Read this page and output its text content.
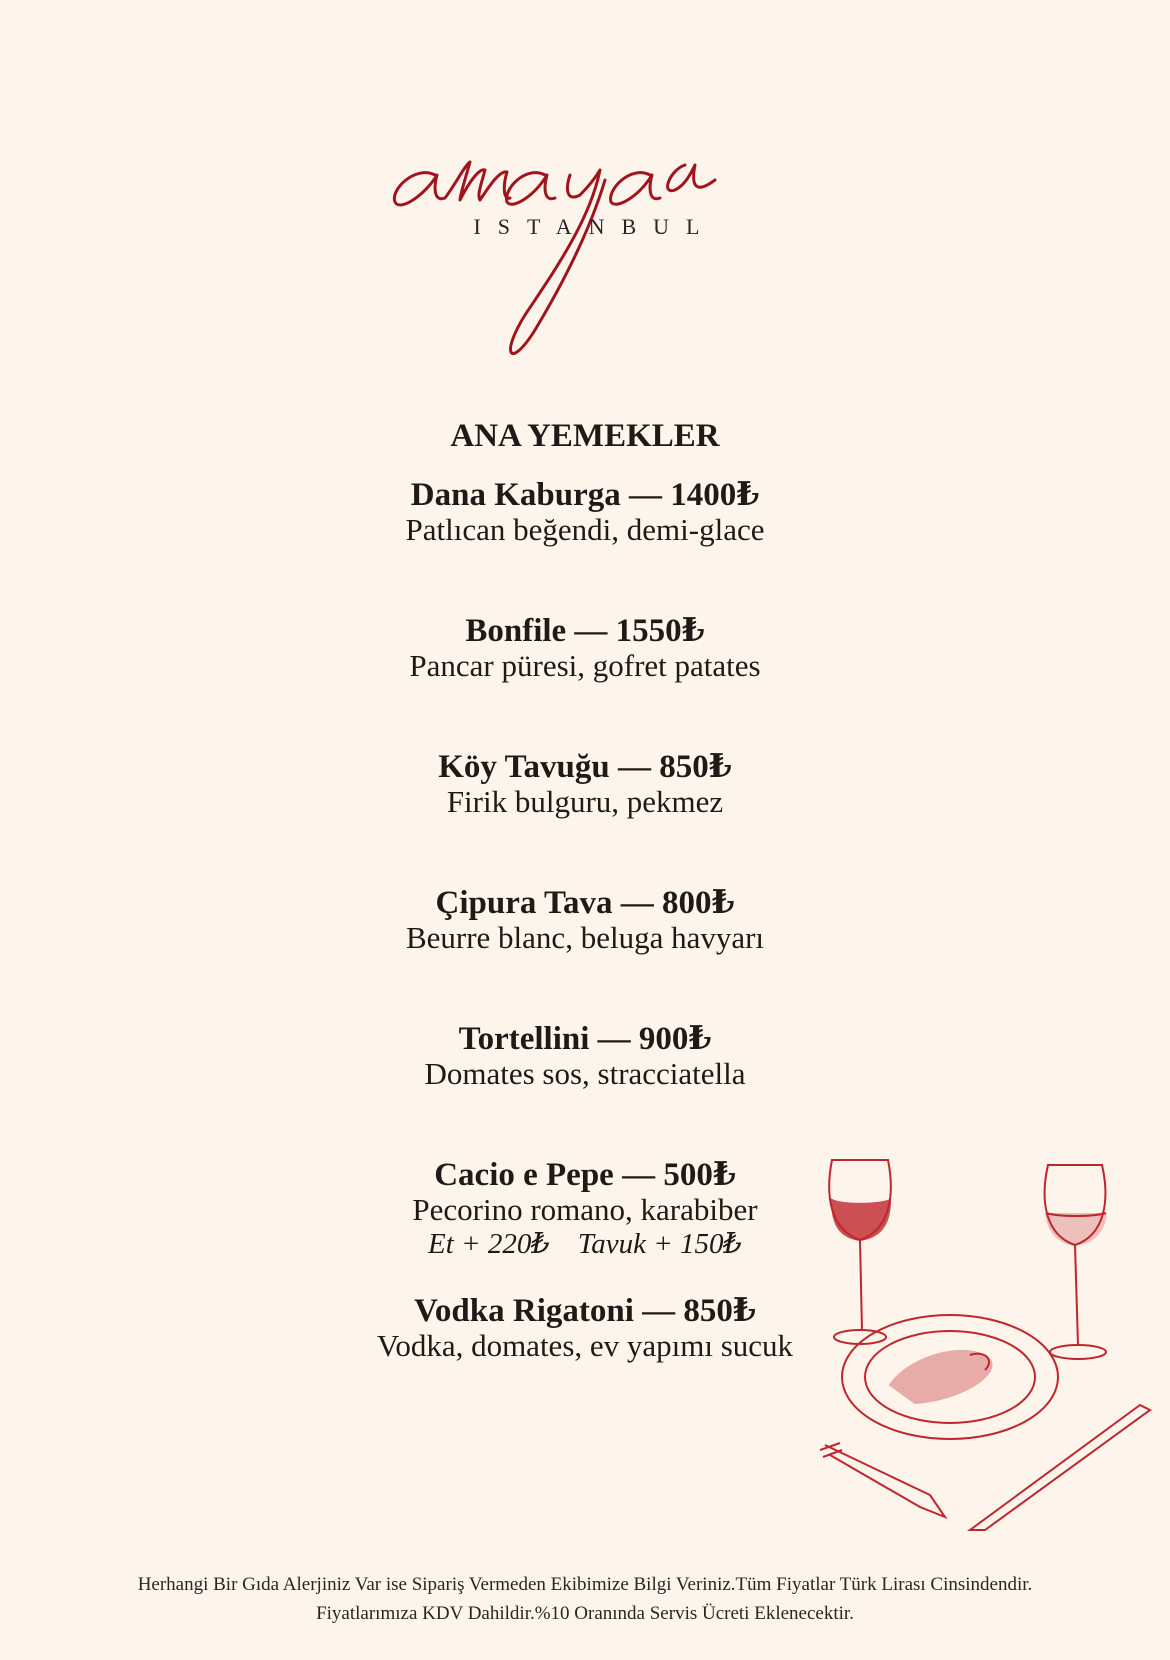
ISTANBUL
ANA YEMEKLER
Dana Kaburga — 1400₺
Patlıcan beğendi, demi-glace
Bonfile — 1550₺
Pancar püresi, gofret patates
Köy Tavuğu — 850₺
Firik bulguru, pekmez
Çipura Tava — 800₺
Beurre blanc, beluga havyarı
Tortellini — 900₺
Domates sos, stracciatella
Cacio e Pepe — 500₺
Pecorino romano, karabiber
Et + 220₺ Tavuk + 150₺
Vodka Rigatoni — 850₺
Vodka, domates, ev yapımı sucuk
Herhangi Bir Gıda Alerjiniz Var ise Sipariş Vermeden Ekibimize Bilgi Veriniz.Tüm Fiyatlar Türk Lirası Cinsindendir.
Fiyatlarımıza KDV Dahildir.%10 Oranında Servis Ücreti Eklenecektir.
